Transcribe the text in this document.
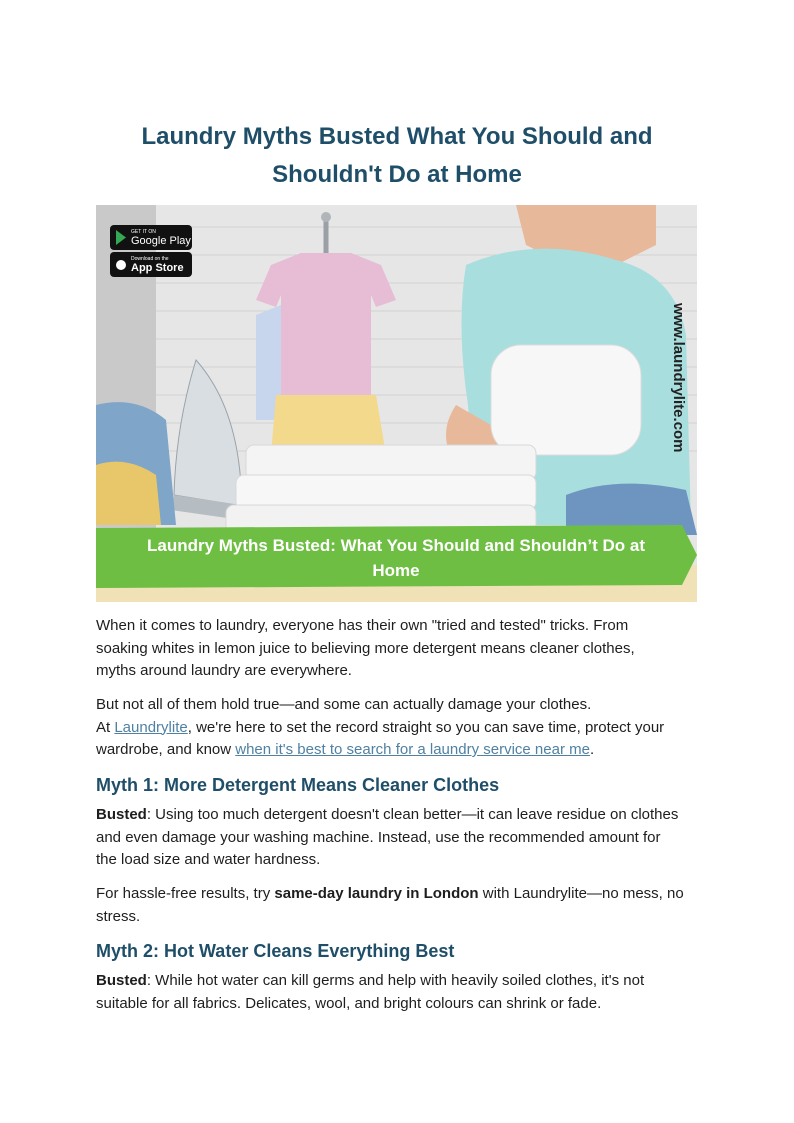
Laundry Myths Busted What You Should and
Shouldn't Do at Home
GET IT ON
Google Play
Download on the
App Store
www.laundrylite.com
Laundry Myths Busted: What You Should and Shouldn’t Do at
Home

When it comes to laundry, everyone has their own "tried and tested" tricks. From
soaking whites in lemon juice to believing more detergent means cleaner clothes,
myths around laundry are everywhere.

But not all of them hold true—and some can actually damage your clothes.
At Laundrylite, we're here to set the record straight so you can save time, protect your
wardrobe, and know when it's best to search for a laundry service near me.

Myth 1: More Detergent Means Cleaner Clothes

Busted: Using too much detergent doesn't clean better—it can leave residue on clothes
and even damage your washing machine. Instead, use the recommended amount for
the load size and water hardness.

For hassle-free results, try same-day laundry in London with Laundrylite—no mess, no
stress.

Myth 2: Hot Water Cleans Everything Best

Busted: While hot water can kill germs and help with heavily soiled clothes, it's not
suitable for all fabrics. Delicates, wool, and bright colours can shrink or fade.
